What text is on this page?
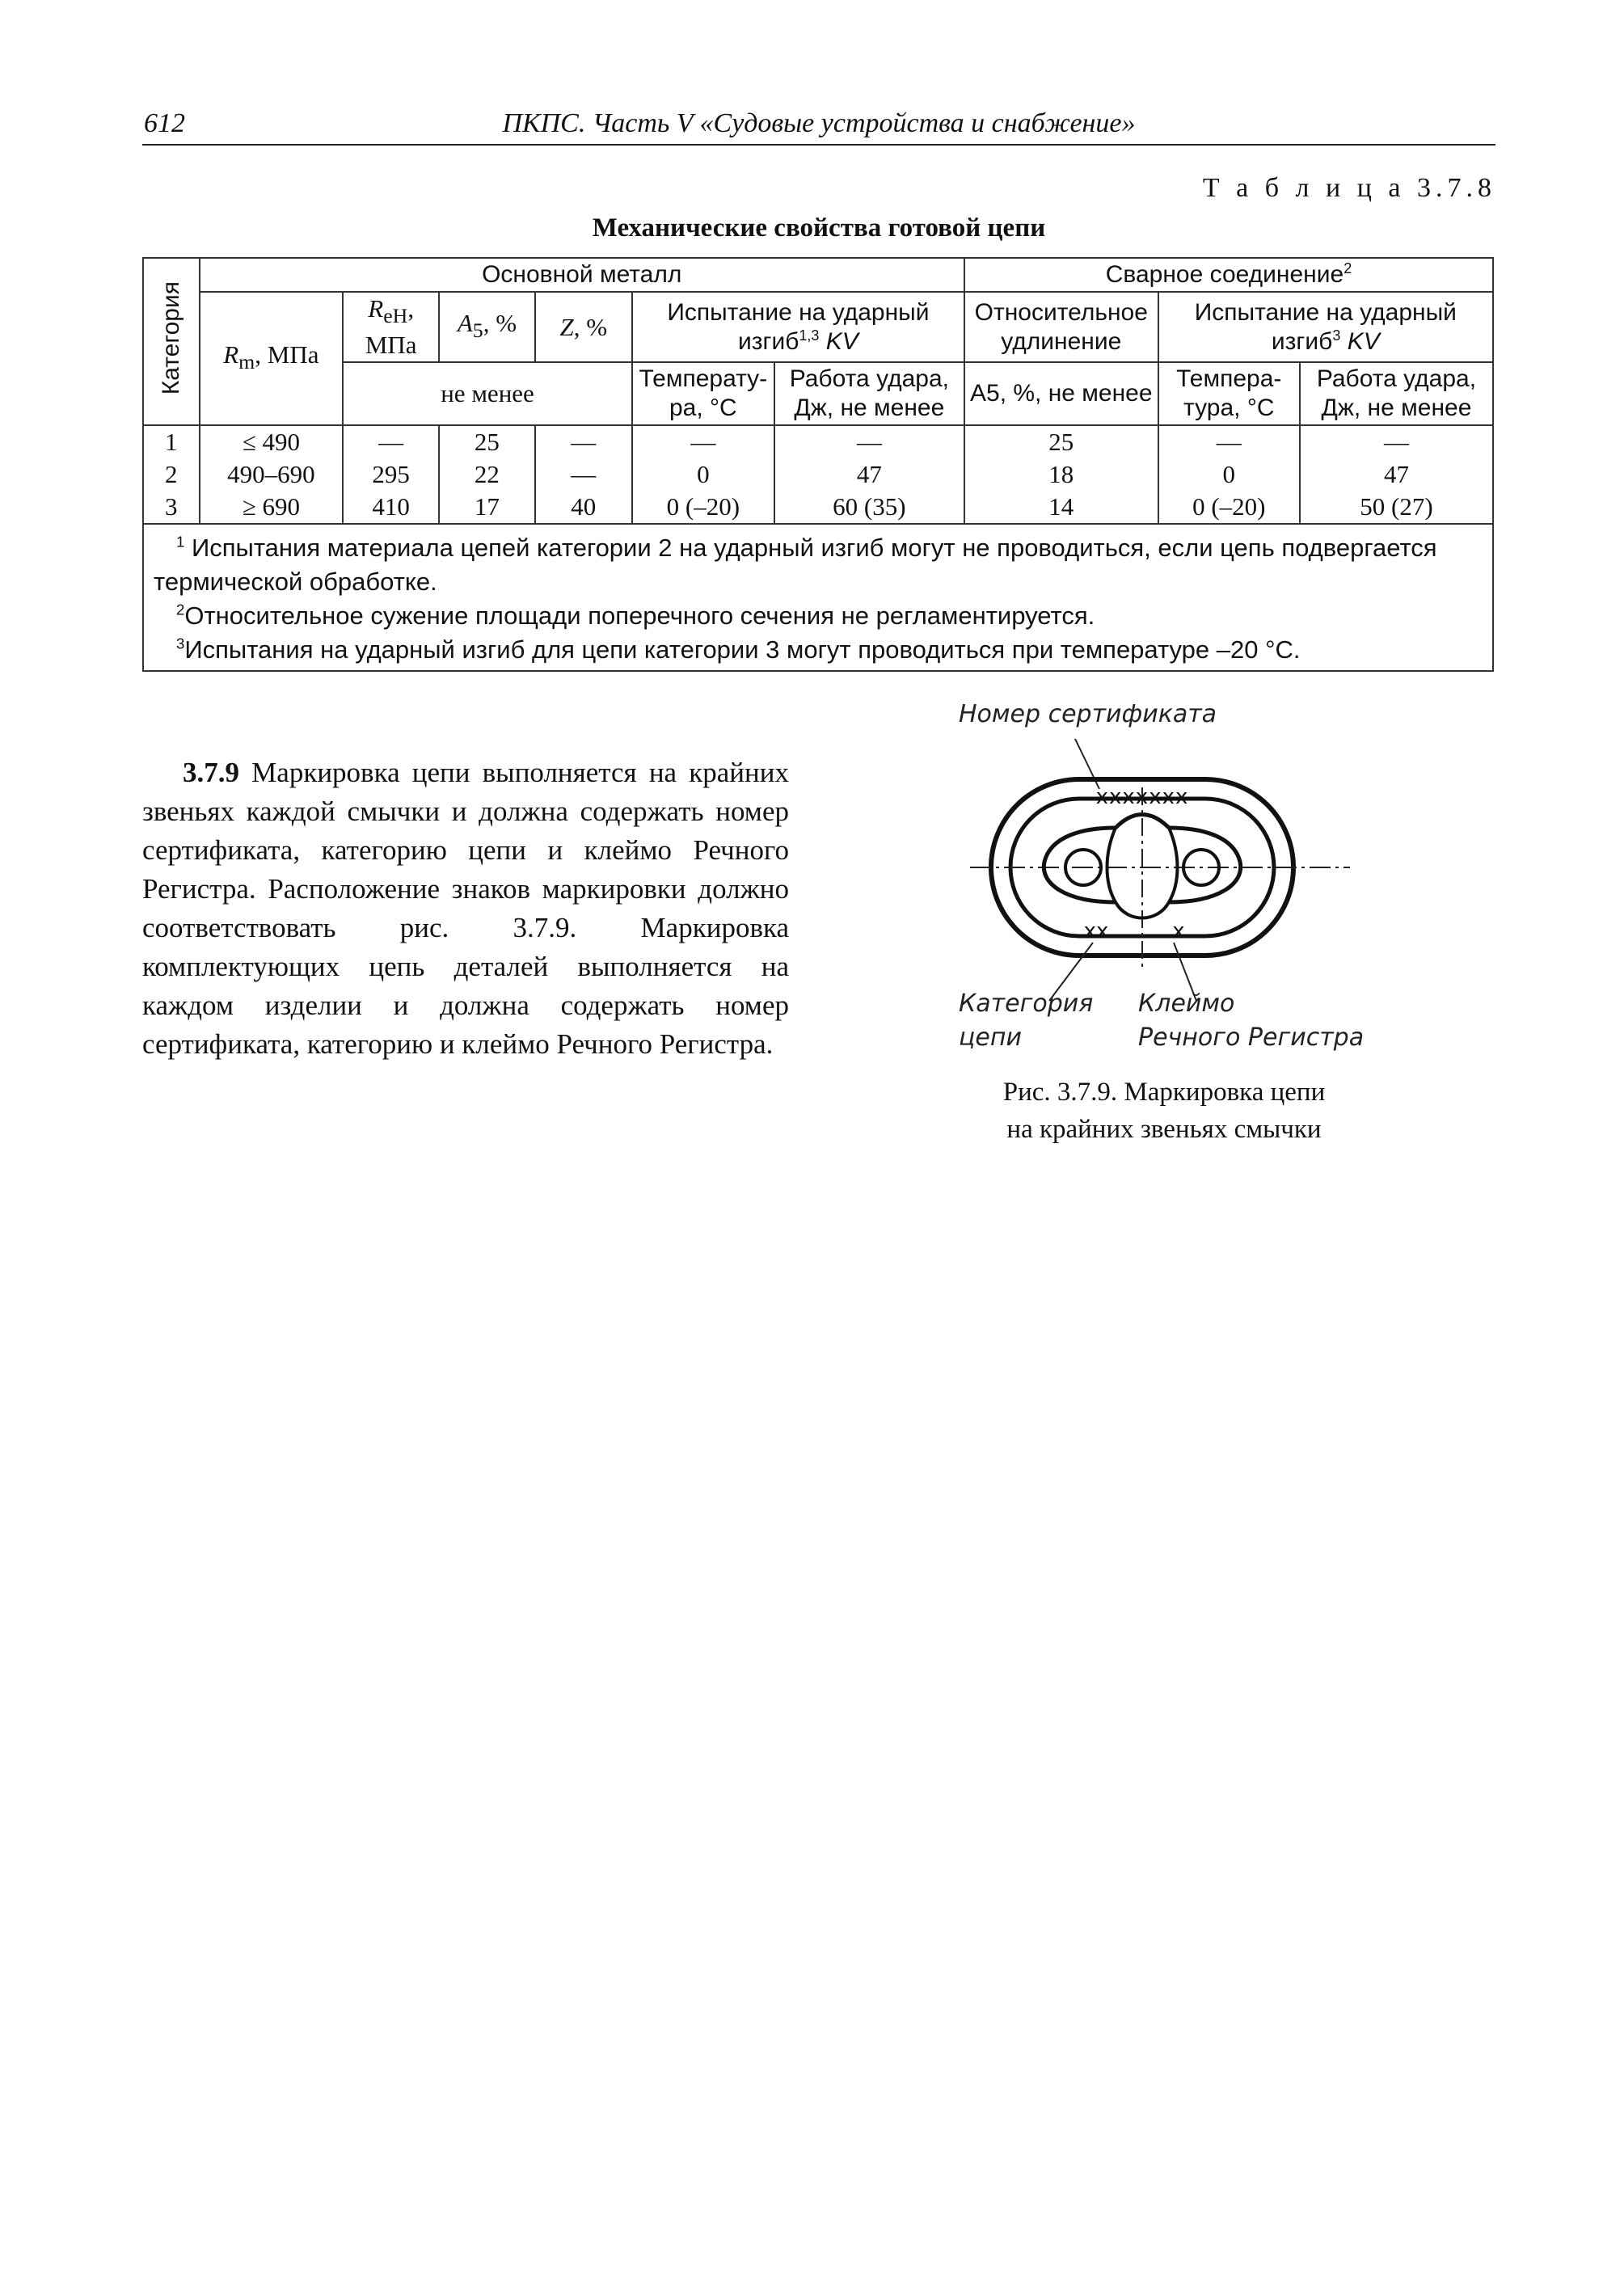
612	ПКПС. Часть V «Судовые устройства и снабжение»
Т а б л и ц а 3.7.8
Механические свойства готовой цепи
Категория	Основной металл						Сварное соединение$^2$
	$R_m$, МПа	$R_{eH}$, МПа	$A_5$, %	Z, %	Испытание на ударный изгиб$^{1,3}$ KV		Относительное удлинение	Испытание на ударный изгиб$^3$ KV	
		не менее			Температу-ра, °С	Работа удара, Дж, не менее	А5, %, не менее	Темпера-тура, °С	Работа удара, Дж, не менее
1	≤ 490	—	25	—	—	—	25	—	—
2	490–690	295	22	—	0	47	18	0	47
3	≥ 690	410	17	40	0 (–20)	60 (35)	14	0 (–20)	50 (27)

$^1$ Испытания материала цепей категории 2 на ударный изгиб могут не проводиться, если цепь подвергается термической обработке.

$^2$Относительное сужение площади поперечного сечения не регламентируется.

$^3$Испытания на ударный изгиб для цепи категории 3 могут проводиться при температуре –20 °С.									

3.7.9 Маркировка цепи выполняется на крайних звеньях каждой смычки и должна содержать номер сертификата, категорию цепи и клеймо Речного Регистра. Расположение знаков маркировки должно соответствовать рис. 3.7.9. Маркировка комплектующих цепь деталей выполняется на каждом изделии и должна содержать номер сертификата, категорию и клеймо Речного Регистра.

Номер сертификата
xxxxxxx
xx	x
Категория
цепи
Клеймо
Речного Регистра
Рис. 3.7.9. Маркировка цепи
на крайних звеньях смычки
